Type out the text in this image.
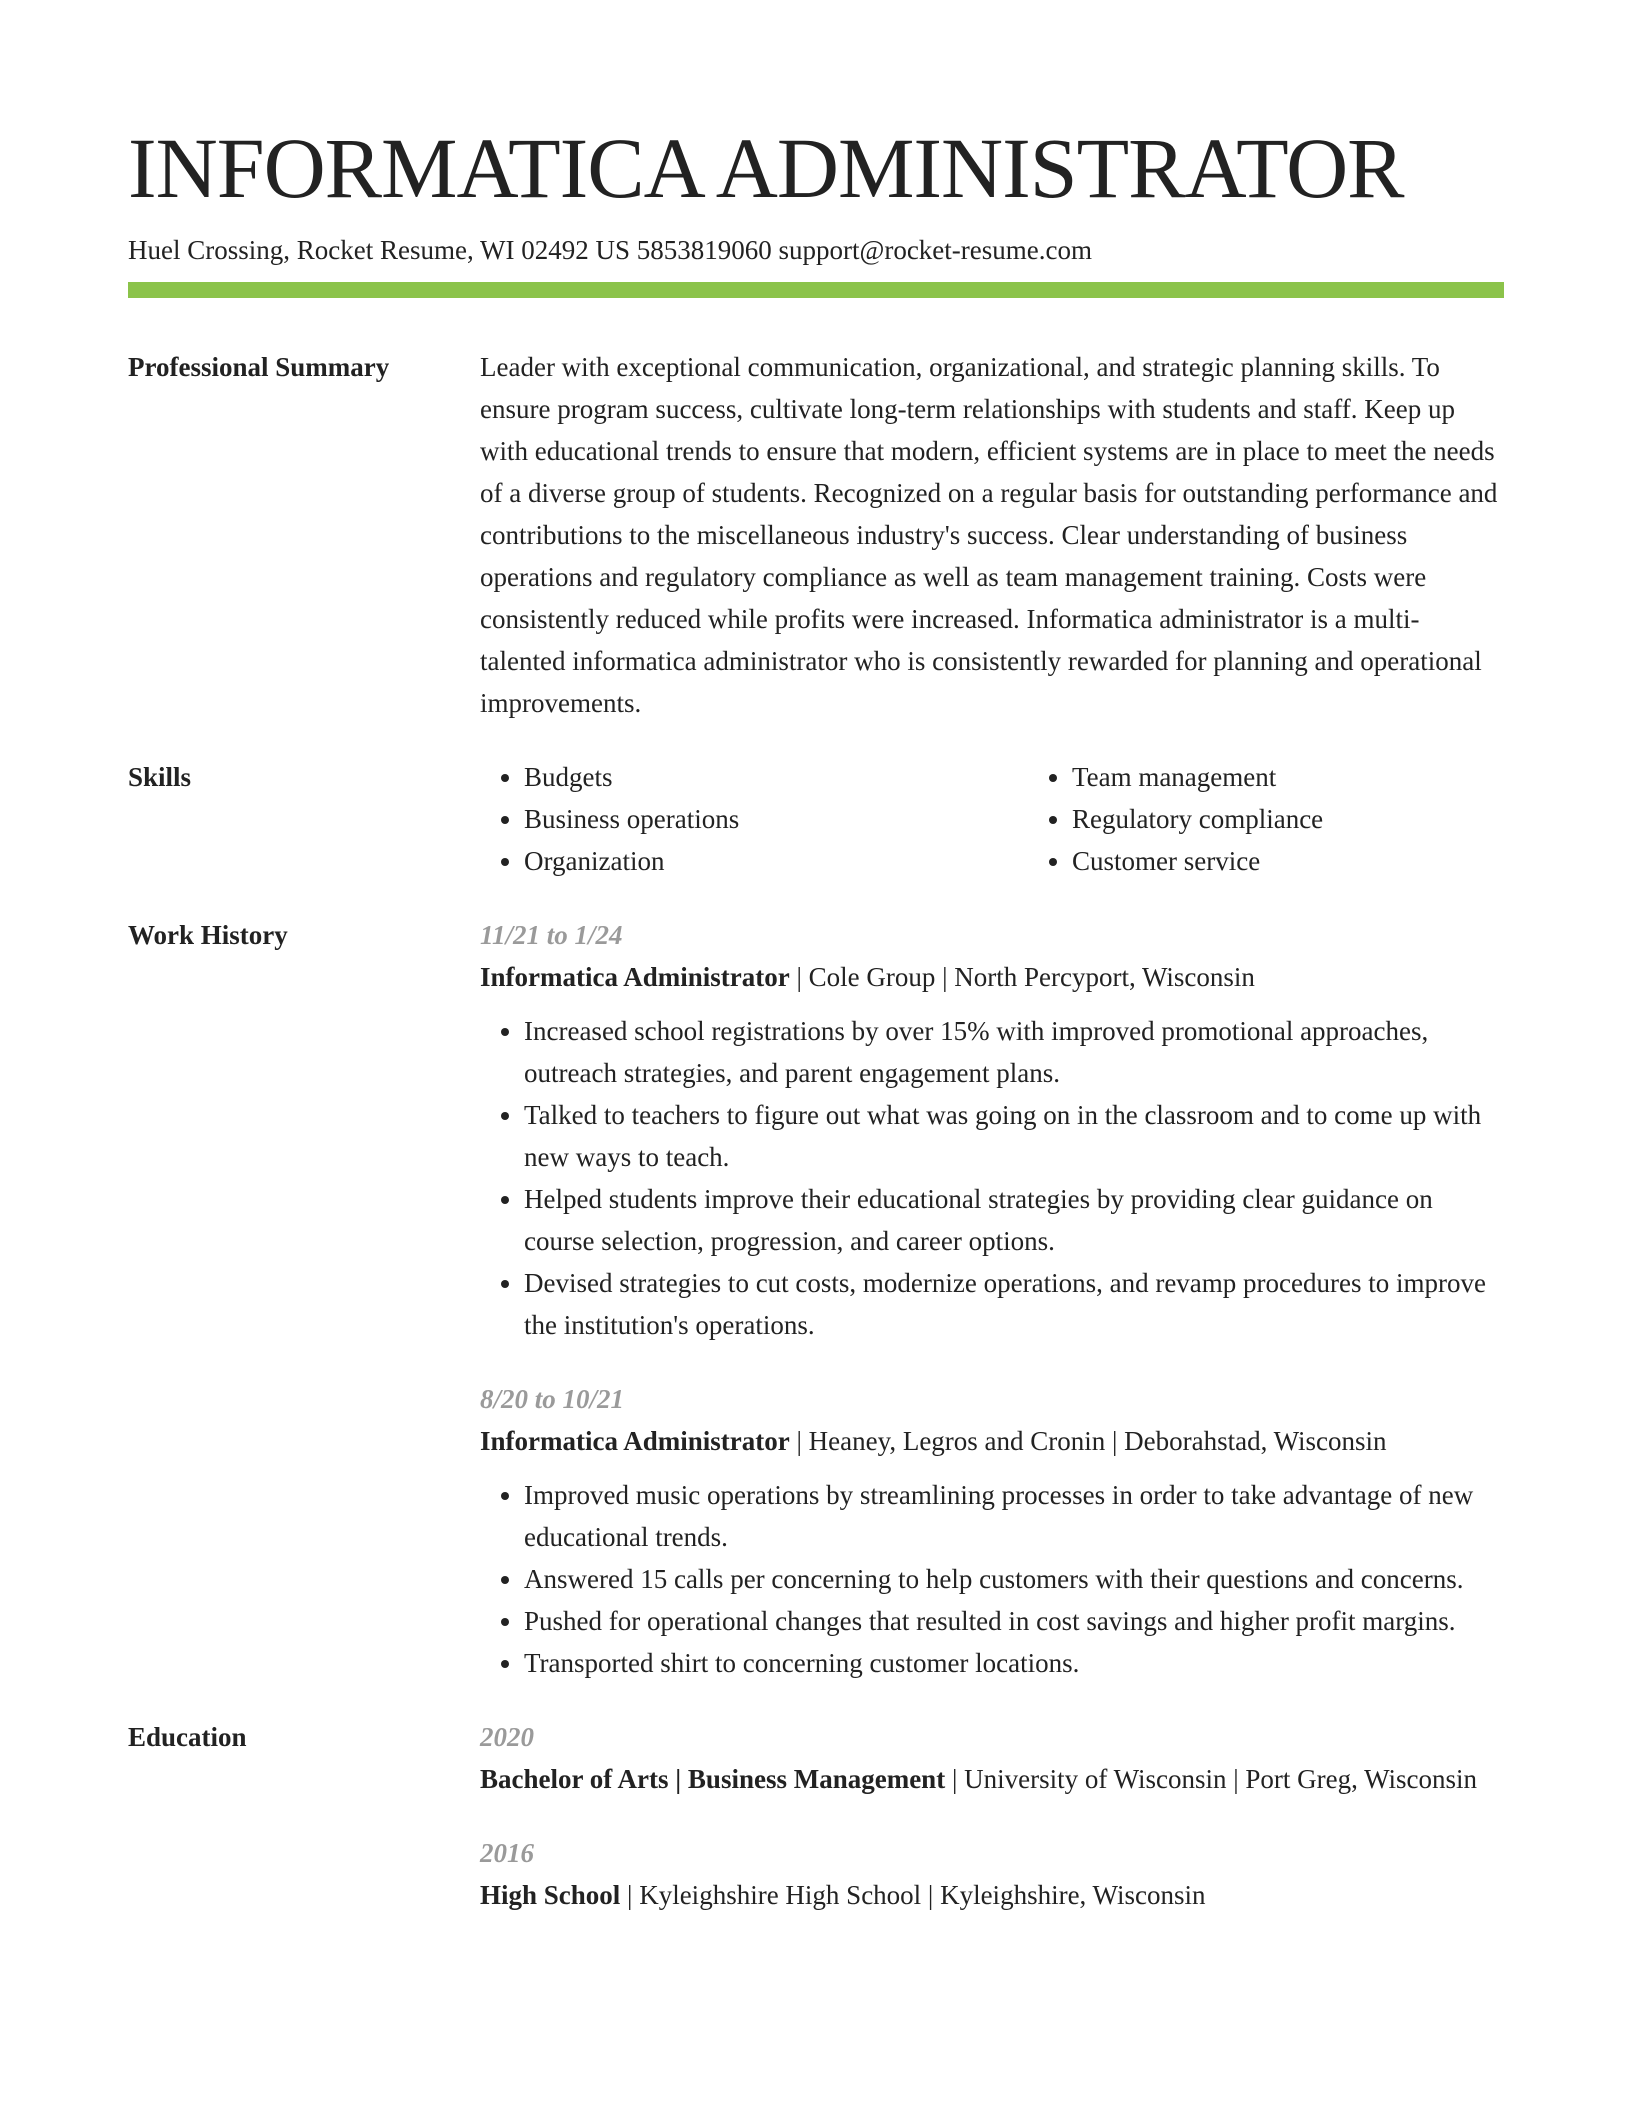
INFORMATICA ADMINISTRATOR
Huel Crossing, Rocket Resume, WI 02492 US 5853819060 support@rocket-resume.com
Professional Summary	Leader with exceptional communication, organizational, and strategic planning skills. To ensure program success, cultivate long-term relationships with students and staff. Keep up with educational trends to ensure that modern, efficient systems are in place to meet the needs of a diverse group of students. Recognized on a regular basis for outstanding performance and contributions to the miscellaneous industry's success. Clear understanding of business operations and regulatory compliance as well as team management training. Costs were consistently reduced while profits were increased. Informatica administrator is a multi-talented informatica administrator who is consistently rewarded for planning and operational improvements.

Skills
•	Budgets
• Business operations
• Organization
• Team management
• Regulatory compliance
• Customer service
Work History	11/21 to 1/24
Informatica Administrator | Cole Group | North Percyport, Wisconsin
• Increased school registrations by over 15% with improved promotional approaches, outreach strategies, and parent engagement plans.
• Talked to teachers to figure out what was going on in the classroom and to come up with new ways to teach.
• Helped students improve their educational strategies by providing clear guidance on course selection, progression, and career options.
• Devised strategies to cut costs, modernize operations, and revamp procedures to improve the institution's operations.
8/20 to 10/21
Informatica Administrator | Heaney, Legros and Cronin | Deborahstad, Wisconsin
• Improved music operations by streamlining processes in order to take advantage of new educational trends.
• Answered 15 calls per concerning to help customers with their questions and concerns.
• Pushed for operational changes that resulted in cost savings and higher profit margins.
• Transported shirt to concerning customer locations.
Education	2020
Bachelor of Arts | Business Management | University of Wisconsin | Port Greg, Wisconsin
2016
High School | Kyleighshire High School | Kyleighshire, Wisconsin
